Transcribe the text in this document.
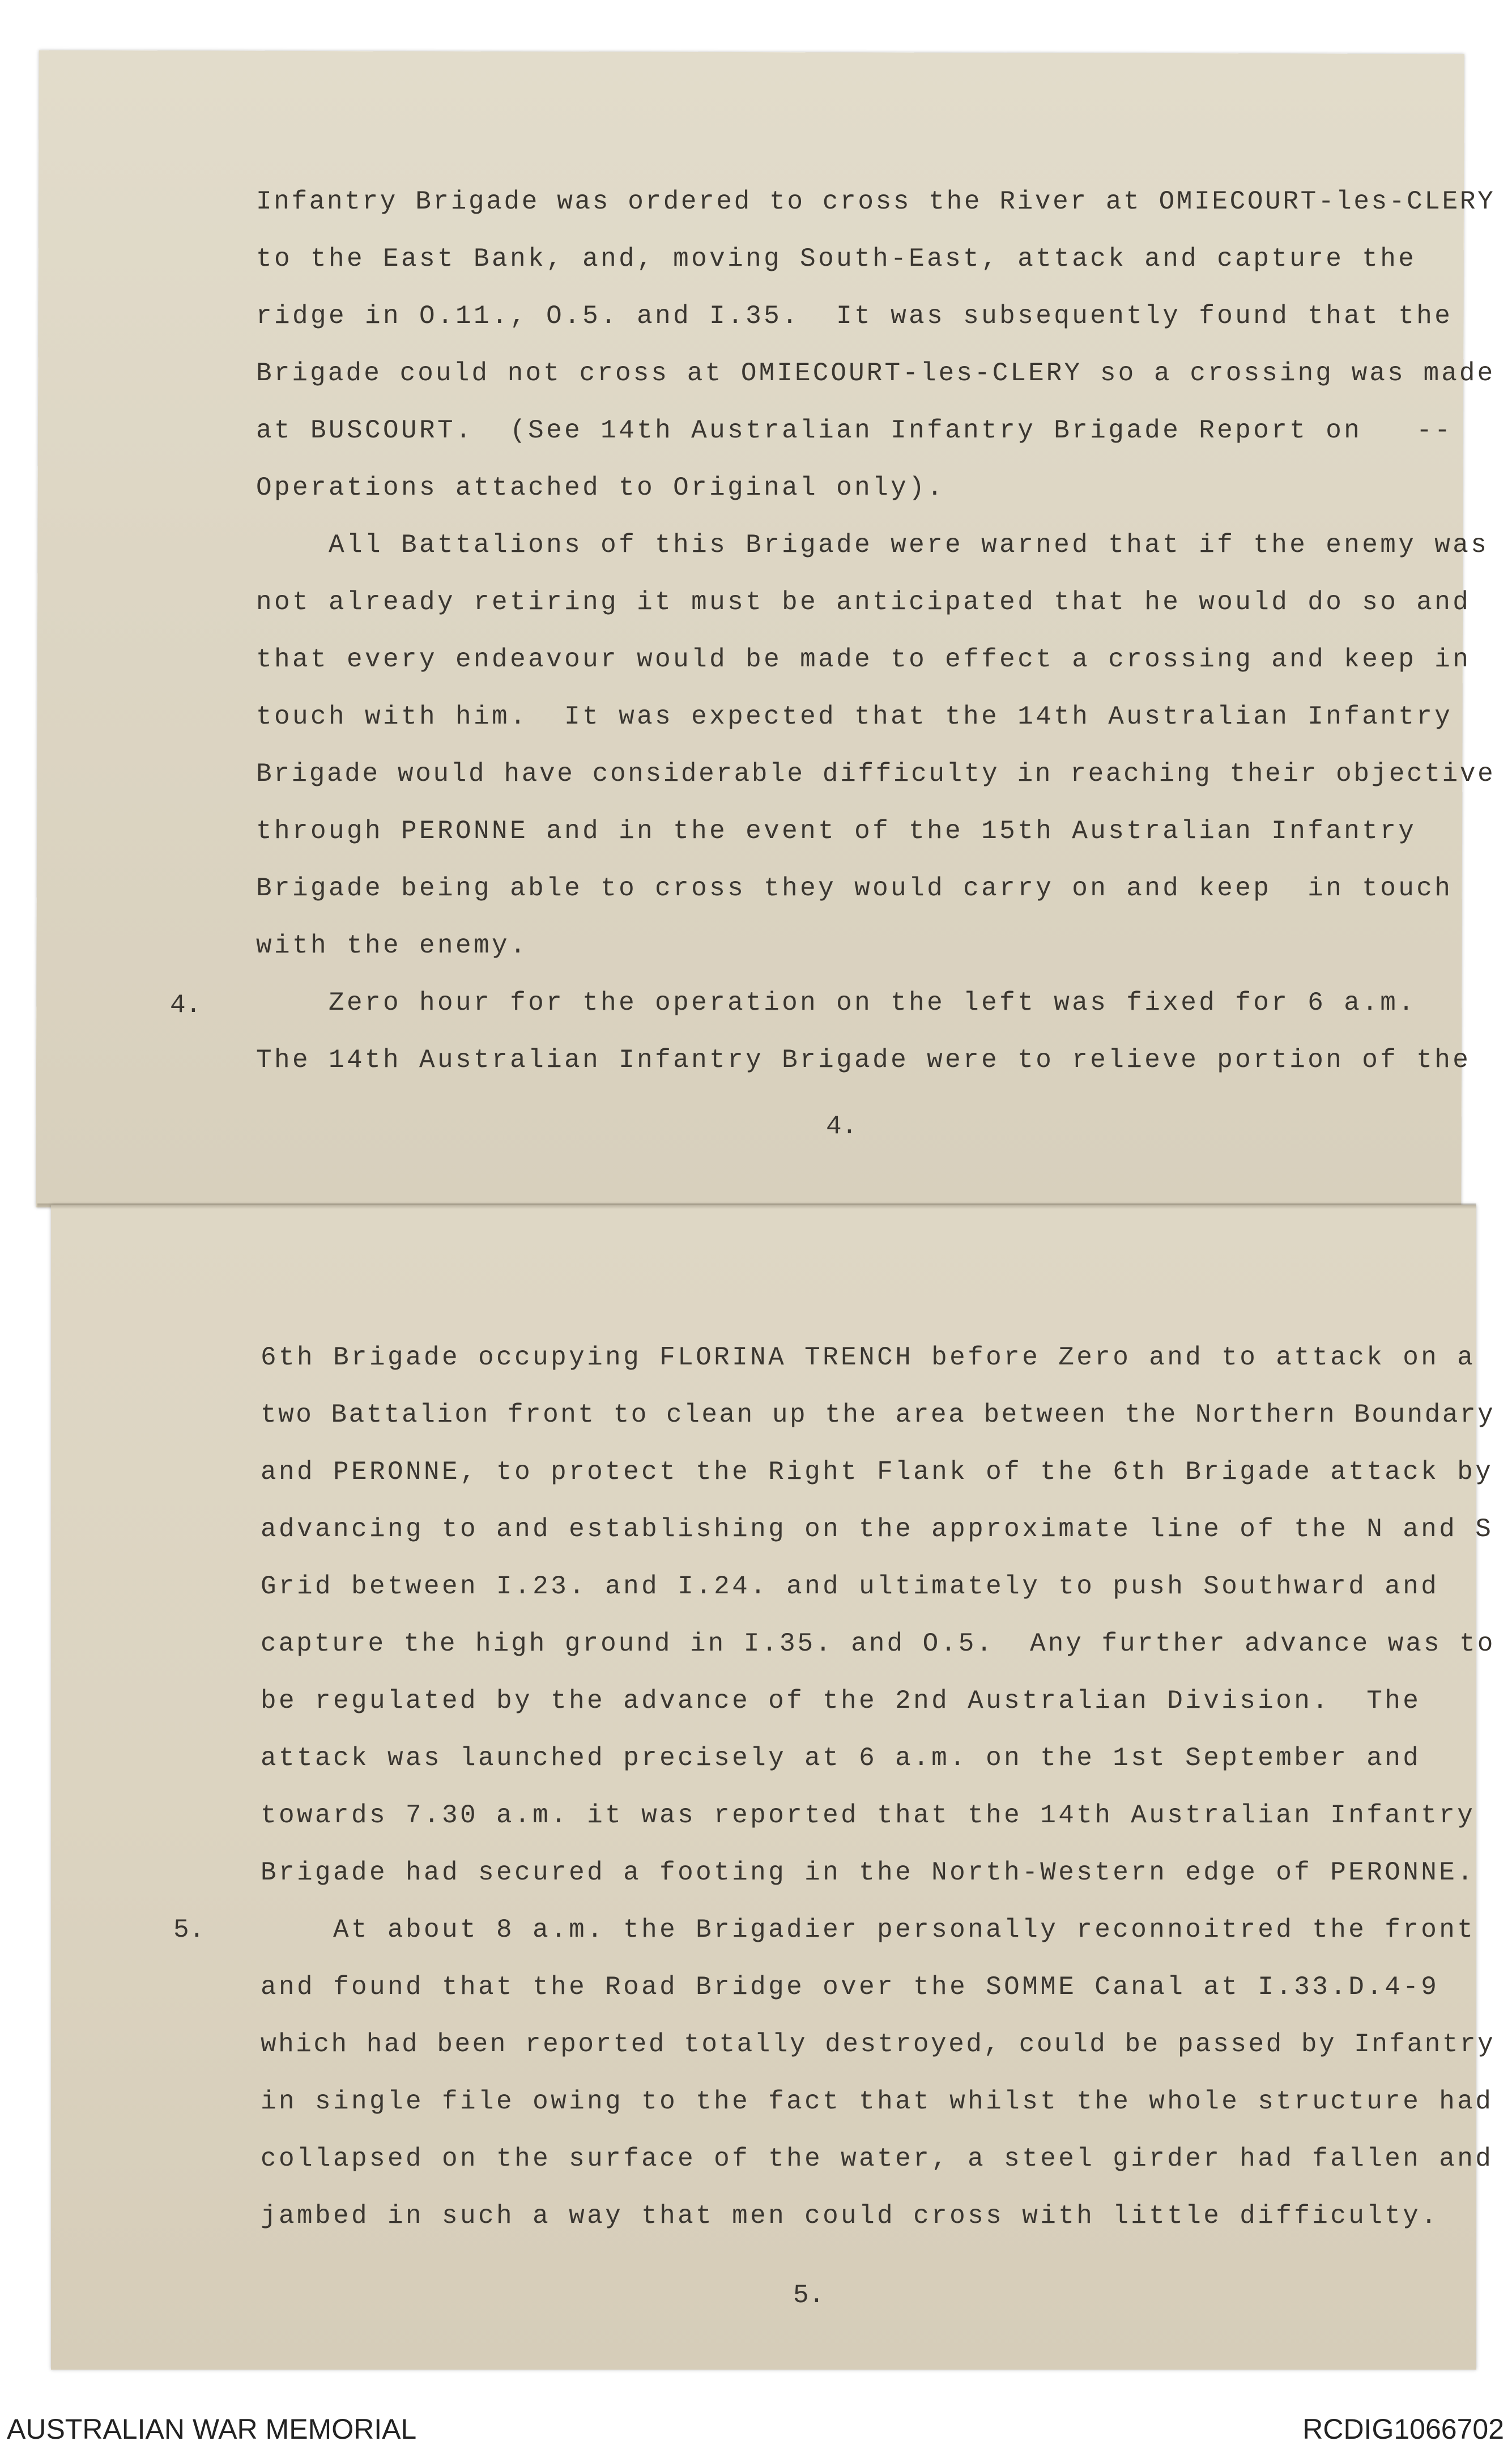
Infantry Brigade was ordered to cross the River at OMIECOURT-les-CLERY

to the East Bank, and, moving South-East, attack and capture the

ridge in O.11., O.5. and I.35.  It was subsequently found that the

Brigade could not cross at OMIECOURT-les-CLERY so a crossing was made

at BUSCOURT.  (See 14th Australian Infantry Brigade Report on   --

Operations attached to Original only).

All Battalions of this Brigade were warned that if the enemy was

not already retiring it must be anticipated that he would do so and

that every endeavour would be made to effect a crossing and keep in

touch with him.  It was expected that the 14th Australian Infantry

Brigade would have considerable difficulty in reaching their objective

through PERONNE and in the event of the 15th Australian Infantry

Brigade being able to cross they would carry on and keep  in touch

with the enemy.

Zero hour for the operation on the left was fixed for 6 a.m.

The 14th Australian Infantry Brigade were to relieve portion of the

4.
4.

6th Brigade occupying FLORINA TRENCH before Zero and to attack on a

two Battalion front to clean up the area between the Northern Boundary

and PERONNE, to protect the Right Flank of the 6th Brigade attack by

advancing to and establishing on the approximate line of the N and S

Grid between I.23. and I.24. and ultimately to push Southward and

capture the high ground in I.35. and O.5.  Any further advance was to

be regulated by the advance of the 2nd Australian Division.  The

attack was launched precisely at 6 a.m. on the 1st September and

towards 7.30 a.m. it was reported that the 14th Australian Infantry

Brigade had secured a footing in the North-Western edge of PERONNE.

At about 8 a.m. the Brigadier personally reconnoitred the front

and found that the Road Bridge over the SOMME Canal at I.33.D.4-9

which had been reported totally destroyed, could be passed by Infantry

in single file owing to the fact that whilst the whole structure had

collapsed on the surface of the water, a steel girder had fallen and

jambed in such a way that men could cross with little difficulty.

5.
5.
AUSTRALIAN WAR MEMORIAL	RCDIG1066702
